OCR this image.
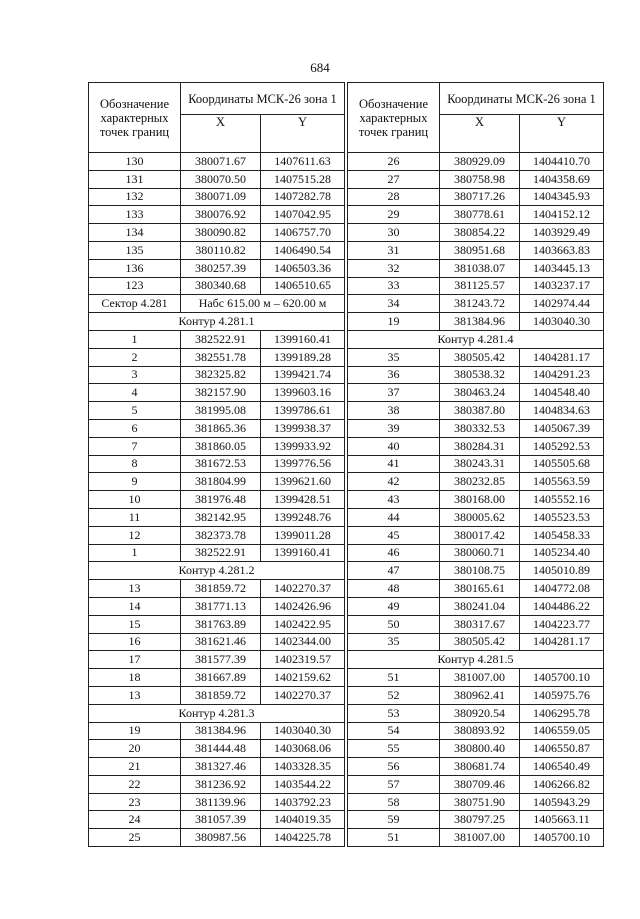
684
Обозначение характерных точек границ	Координаты МСК-26 зона 1	
	X	Y
130	380071.67	1407611.63
131	380070.50	1407515.28
132	380071.09	1407282.78
133	380076.92	1407042.95
134	380090.82	1406757.70
135	380110.82	1406490.54
136	380257.39	1406503.36
123	380340.68	1406510.65
Сектор 4.281	Набс 615.00 м – 620.00 м	
Контур 4.281.1		
1	382522.91	1399160.41
2	382551.78	1399189.28
3	382325.82	1399421.74
4	382157.90	1399603.16
5	381995.08	1399786.61
6	381865.36	1399938.37
7	381860.05	1399933.92
8	381672.53	1399776.56
9	381804.99	1399621.60
10	381976.48	1399428.51
11	382142.95	1399248.76
12	382373.78	1399011.28
1	382522.91	1399160.41
Контур 4.281.2		
13	381859.72	1402270.37
14	381771.13	1402426.96
15	381763.89	1402422.95
16	381621.46	1402344.00
17	381577.39	1402319.57
18	381667.89	1402159.62
13	381859.72	1402270.37
Контур 4.281.3		
19	381384.96	1403040.30
20	381444.48	1403068.06
21	381327.46	1403328.35
22	381236.92	1403544.22
23	381139.96	1403792.23
24	381057.39	1404019.35
25	380987.56	1404225.78
Обозначение характерных точек границ	Координаты МСК-26 зона 1	
	X	Y
26	380929.09	1404410.70
27	380758.98	1404358.69
28	380717.26	1404345.93
29	380778.61	1404152.12
30	380854.22	1403929.49
31	380951.68	1403663.83
32	381038.07	1403445.13
33	381125.57	1403237.17
34	381243.72	1402974.44
19	381384.96	1403040.30
Контур 4.281.4		
35	380505.42	1404281.17
36	380538.32	1404291.23
37	380463.24	1404548.40
38	380387.80	1404834.63
39	380332.53	1405067.39
40	380284.31	1405292.53
41	380243.31	1405505.68
42	380232.85	1405563.59
43	380168.00	1405552.16
44	380005.62	1405523.53
45	380017.42	1405458.33
46	380060.71	1405234.40
47	380108.75	1405010.89
48	380165.61	1404772.08
49	380241.04	1404486.22
50	380317.67	1404223.77
35	380505.42	1404281.17
Контур 4.281.5		
51	381007.00	1405700.10
52	380962.41	1405975.76
53	380920.54	1406295.78
54	380893.92	1406559.05
55	380800.40	1406550.87
56	380681.74	1406540.49
57	380709.46	1406266.82
58	380751.90	1405943.29
59	380797.25	1405663.11
51	381007.00	1405700.10
